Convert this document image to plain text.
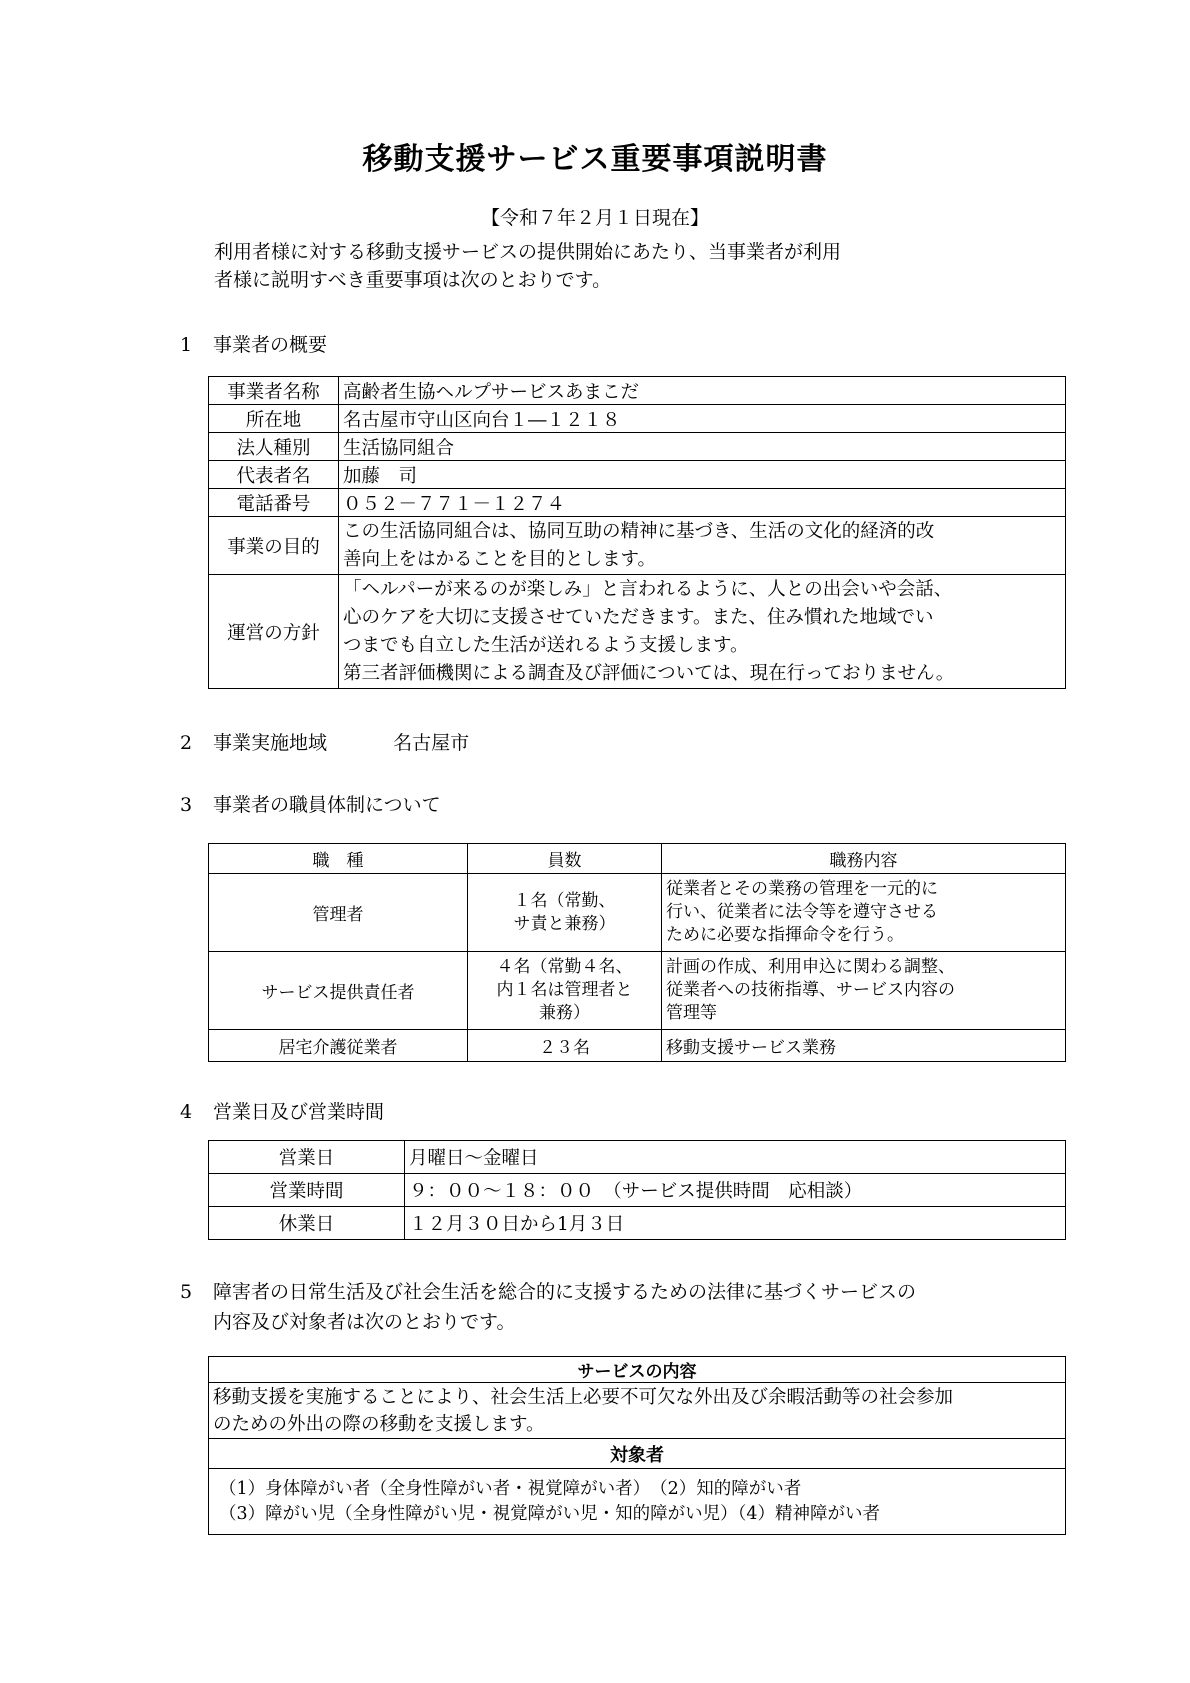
移動支援サービス重要事項説明書
【令和７年２月１日現在】
利用者様に対する移動支援サービスの提供開始にあたり、当事業者が利用
者様に説明すべき重要事項は次のとおりです。
1 事業者の概要
事業者名称	高齢者生協ヘルプサービスあまこだ
所在地	名古屋市守山区向台１―１２１８
法人種別	生活協同組合
代表者名	加藤　司
電話番号	０５２－７７１－１２７４
事業の目的	この生活協同組合は、協同互助の精神に基づき、生活の文化的経済的改
善向上をはかることを目的とします。

運営の方針	「ヘルパーが来るのが楽しみ」と言われるように、人との出会いや会話、
心のケアを大切に支援させていただきます。また、住み慣れた地域でい
つまでも自立した生活が送れるよう支援します。
第三者評価機関による調査及び評価については、現在行っておりません。
2 事業実施地域	名古屋市
3 事業者の職員体制について
職　種	員数	職務内容
管理者	１名（常勤、
サ責と兼務）	従業者とその業務の管理を一元的に
行い、従業者に法令等を遵守させる
ために必要な指揮命令を行う。

サービス提供責任者	４名（常勤４名、
内１名は管理者と
兼務）	計画の作成、利用申込に関わる調整、
従業者への技術指導、サービス内容の
管理等

居宅介護従業者	２３名	移動支援サービス業務
4 営業日及び営業時間
営業日	月曜日～金曜日
営業時間	９：００～１８：００　（サービス提供時間　応相談）
休業日	１２月３０日から1月３日
5 障害者の日常生活及び社会生活を総合的に支援するための法律に基づくサービスの
内容及び対象者は次のとおりです。
サービスの内容

移動支援を実施することにより、社会生活上必要不可欠な外出及び余暇活動等の社会参加
のための外出の際の移動を支援します。

対象者

（1）身体障がい者（全身性障がい者・視覚障がい者）　（2）知的障がい者
（3）障がい児（全身性障がい児・視覚障がい児・知的障がい児）（4）精神障がい者
